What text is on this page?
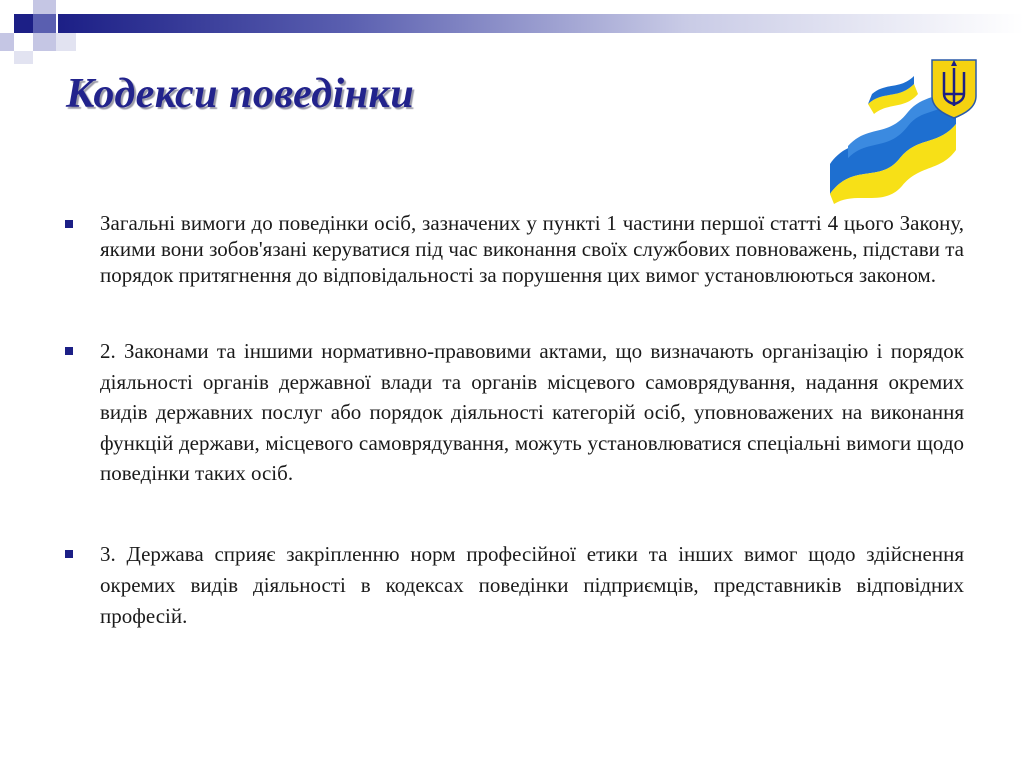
Кодекси поведінки
Загальні вимоги до поведінки осіб, зазначених у пункті 1 частини першої статті 4 цього Закону, якими вони зобов'язані керуватися під час виконання своїх службових повноважень, підстави та порядок притягнення до відповідальності за порушення цих вимог установлюються законом.
2. Законами та іншими нормативно-правовими актами, що визначають організацію і порядок діяльності органів державної влади та органів місцевого самоврядування, надання окремих видів державних послуг або порядок діяльності категорій осіб, уповноважених на виконання функцій держави, місцевого самоврядування, можуть установлюватися спеціальні вимоги щодо поведінки таких осіб.
3. Держава сприяє закріпленню норм професійної етики та інших вимог щодо здійснення окремих видів діяльності в кодексах поведінки підприємців, представників відповідних професій.
